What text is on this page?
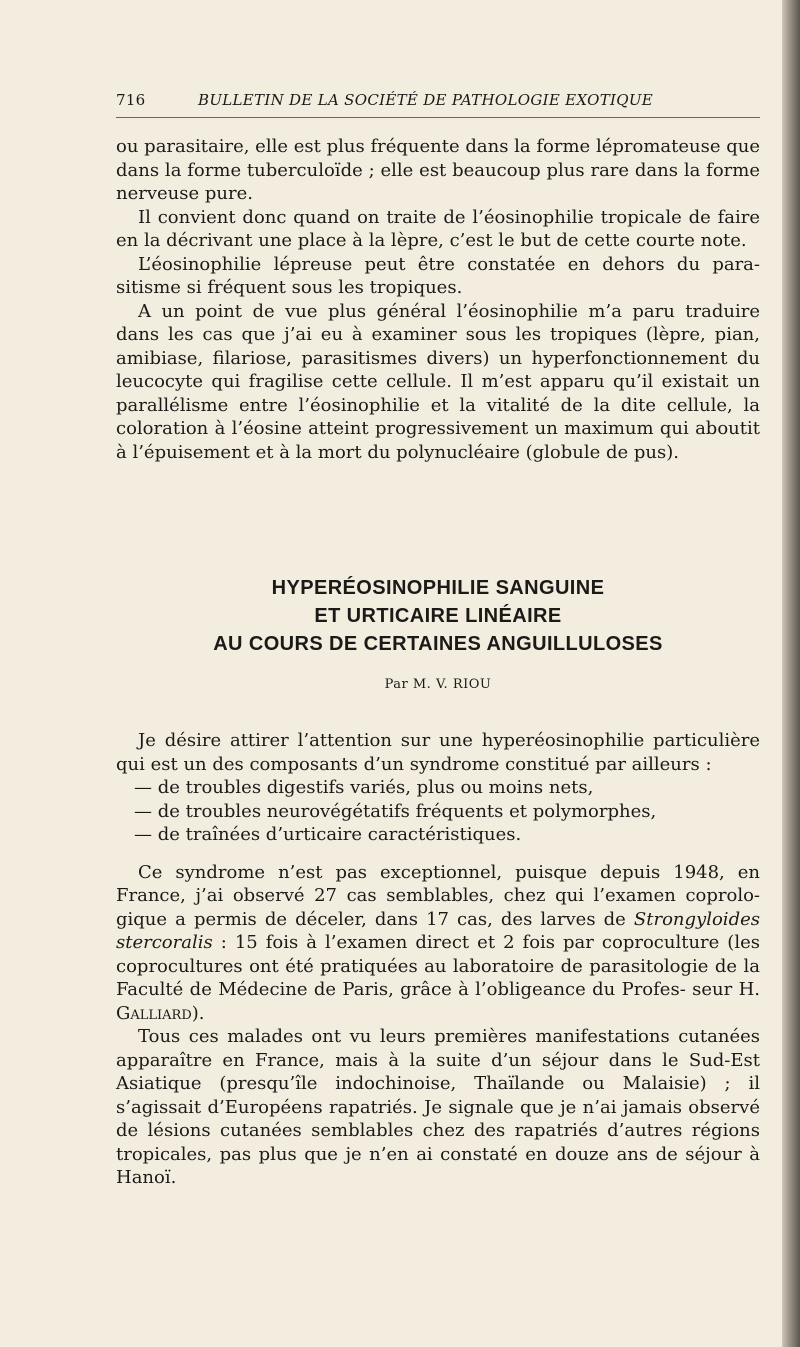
716	BULLETIN DE LA SOCIÉTÉ DE PATHOLOGIE EXOTIQUE

ou parasitaire, elle est plus fréquente dans la forme lépromateuse que dans la forme tuberculoïde ; elle est beaucoup plus rare dans la forme nerveuse pure.

Il convient donc quand on traite de l’éosinophilie tropicale de faire en la décrivant une place à la lèpre, c’est le but de cette courte note.

L’éosinophilie lépreuse peut être constatée en dehors du para- sitisme si fréquent sous les tropiques.

A un point de vue plus général l’éosinophilie m’a paru traduire dans les cas que j’ai eu à examiner sous les tropiques (lèpre, pian, amibiase, filariose, parasitismes divers) un hyperfonctionnement du leucocyte qui fragilise cette cellule. Il m’est apparu qu’il existait un parallélisme entre l’éosinophilie et la vitalité de la dite cellule, la coloration à l’éosine atteint progressivement un maximum qui aboutit à l’épuisement et à la mort du polynucléaire (globule de pus).

HYPERÉOSINOPHILIE SANGUINE
ET URTICAIRE LINÉAIRE
AU COURS DE CERTAINES ANGUILLULOSES
Par M. V. RIOU

Je désire attirer l’attention sur une hyperéosinophilie particulière qui est un des composants d’un syndrome constitué par ailleurs :

— de troubles digestifs variés, plus ou moins nets,
— de troubles neurovégétatifs fréquents et polymorphes,
— de traînées d’urticaire caractéristiques.

Ce syndrome n’est pas exceptionnel, puisque depuis 1948, en France, j’ai observé 27 cas semblables, chez qui l’examen coprolo- gique a permis de déceler, dans 17 cas, des larves de Strongyloides stercoralis : 15 fois à l’examen direct et 2 fois par coproculture (les coprocultures ont été pratiquées au laboratoire de parasitologie de la Faculté de Médecine de Paris, grâce à l’obligeance du Profes- seur H. Galliard).

Tous ces malades ont vu leurs premières manifestations cutanées apparaître en France, mais à la suite d’un séjour dans le Sud-Est Asiatique (presqu’île indochinoise, Thaïlande ou Malaisie) ; il s’agissait d’Européens rapatriés. Je signale que je n’ai jamais observé de lésions cutanées semblables chez des rapatriés d’autres régions tropicales, pas plus que je n’en ai constaté en douze ans de séjour à Hanoï.
